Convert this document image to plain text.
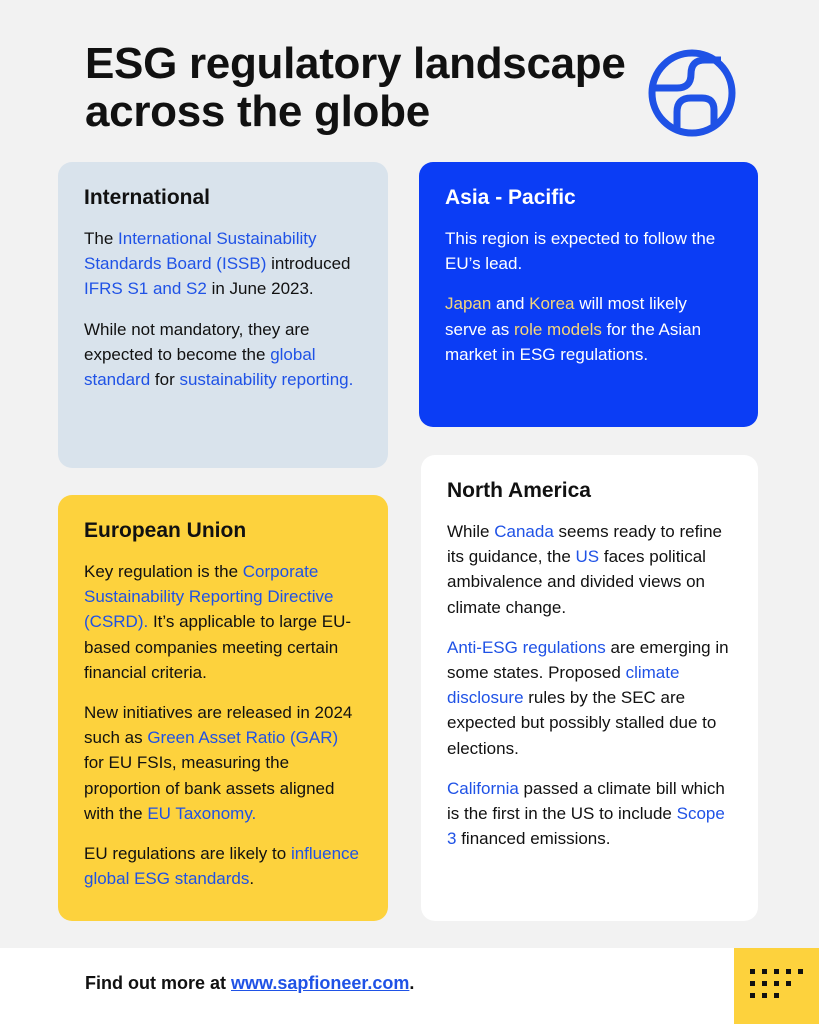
ESG regulatory landscape
across the globe
International

The International Sustainability Standards Board (ISSB) introduced IFRS S1 and S2 in June 2023.

While not mandatory, they are expected to become the global standard for sustainability reporting.

Asia - Pacific

This region is expected to follow the EU’s lead.

Japan and Korea will most likely serve as role models for the Asian market in ESG regulations.

European Union

Key regulation is the Corporate Sustainability Reporting Directive (CSRD). It’s applicable to large EU-based companies meeting certain financial criteria.

New initiatives are released in 2024 such as Green Asset Ratio (GAR) for EU FSIs, measuring the proportion of bank assets aligned with the EU Taxonomy.

EU regulations are likely to influence global ESG standards.

North America

While Canada seems ready to refine its guidance, the US faces political ambivalence and divided views on climate change.

Anti-ESG regulations are emerging in some states. Proposed climate disclosure rules by the SEC are expected but possibly stalled due to elections.

California passed a climate bill which is the first in the US to include Scope 3 financed emissions.

Find out more at www.sapfioneer.com.
